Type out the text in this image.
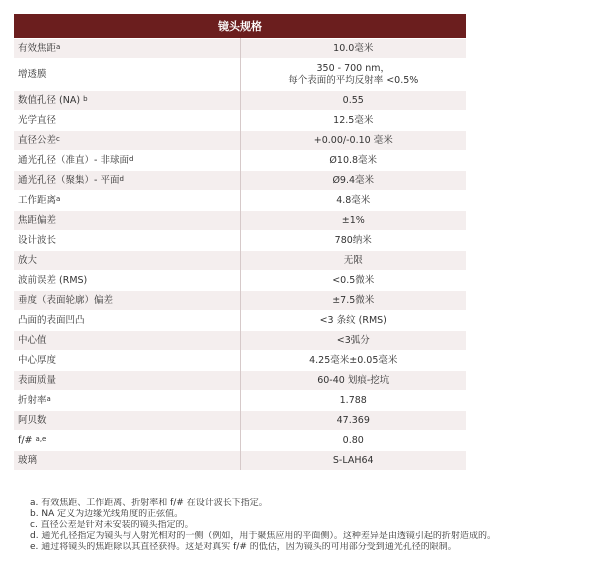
镜头规格	
有效焦距$^a$	10.0毫米

增透膜	350 - 700 nm，
每个表面的平均反射率 <0.5%

数值孔径 (NA) $^b$	0.55

光学直径	12.5毫米

直径公差$^c$	+0.00/-0.10 毫米

通光孔径（准直）- 非球面$^d$	Ø10.8毫米

通光孔径（聚集）- 平面$^d$	Ø9.4毫米

工作距离$^a$	4.8毫米

焦距偏差	±1%

设计波长	780纳米

放大	无限

波前误差 (RMS)	<0.5微米

垂度（表面轮廓）偏差	±7.5微米

凸面的表面凹凸	<3 条纹 (RMS)

中心值	<3弧分

中心厚度	4.25毫米±0.05毫米

表面质量	60-40 划痕-挖坑

折射率$^a$	1.788

阿贝数	47.369

f/# $^{a,e}$	0.80

玻璃	S-LAH64
a. 有效焦距、工作距离、折射率和 f/# 在设计波长下指定。
b. NA 定义为边缘光线角度的正弦值。
c. 直径公差是针对未安装的镜头指定的。
d. 通光孔径指定为镜头与入射光相对的一侧（例如，用于聚焦应用的平面侧）。这种差异是由透镜引起的折射造成的。
e. 通过将镜头的焦距除以其直径获得。这是对真实 f/# 的低估，因为镜头的可用部分受到通光孔径的限制。
